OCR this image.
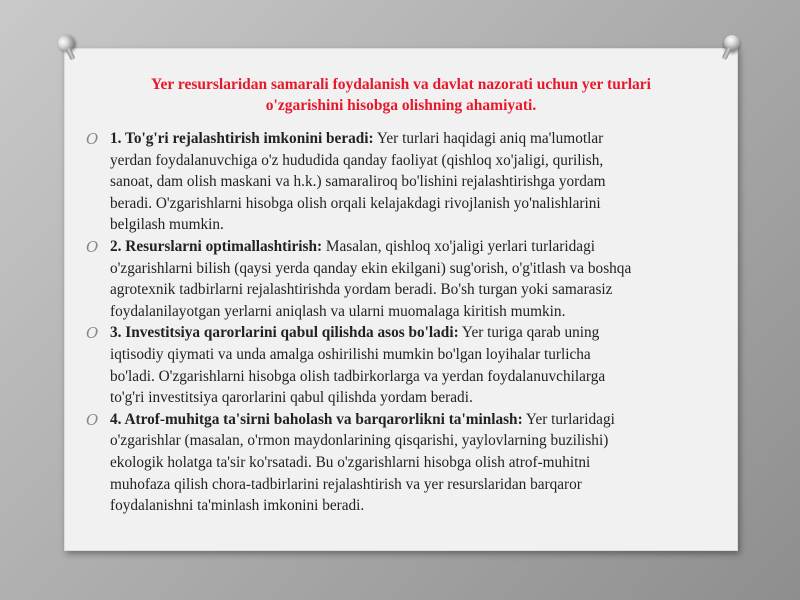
Yer resurslaridan samarali foydalanish va davlat nazorati uchun yer turlari
o'zgarishini hisobga olishning ahamiyati.
O 1. To'g'ri rejalashtirish imkonini beradi: Yer turlari haqidagi aniq ma'lumotlar
yerdan foydalanuvchiga o'z hududida qanday faoliyat (qishloq xo'jaligi, qurilish,
sanoat, dam olish maskani va h.k.) samaraliroq bo'lishini rejalashtirishga yordam
beradi. O'zgarishlarni hisobga olish orqali kelajakdagi rivojlanish yo'nalishlarini
belgilash mumkin.
O 2. Resurslarni optimallashtirish: Masalan, qishloq xo'jaligi yerlari turlaridagi
o'zgarishlarni bilish (qaysi yerda qanday ekin ekilgani) sug'orish, o'g'itlash va boshqa
agrotexnik tadbirlarni rejalashtirishda yordam beradi. Bo'sh turgan yoki samarasiz
foydalanilayotgan yerlarni aniqlash va ularni muomalaga kiritish mumkin.
O 3. Investitsiya qarorlarini qabul qilishda asos bo'ladi: Yer turiga qarab uning
iqtisodiy qiymati va unda amalga oshirilishi mumkin bo'lgan loyihalar turlicha
bo'ladi. O'zgarishlarni hisobga olish tadbirkorlarga va yerdan foydalanuvchilarga
to'g'ri investitsiya qarorlarini qabul qilishda yordam beradi.
O 4. Atrof-muhitga ta'sirni baholash va barqarorlikni ta'minlash: Yer turlaridagi
o'zgarishlar (masalan, o'rmon maydonlarining qisqarishi, yaylovlarning buzilishi)
ekologik holatga ta'sir ko'rsatadi. Bu o'zgarishlarni hisobga olish atrof-muhitni
muhofaza qilish chora-tadbirlarini rejalashtirish va yer resurslaridan barqaror
foydalanishni ta'minlash imkonini beradi.
